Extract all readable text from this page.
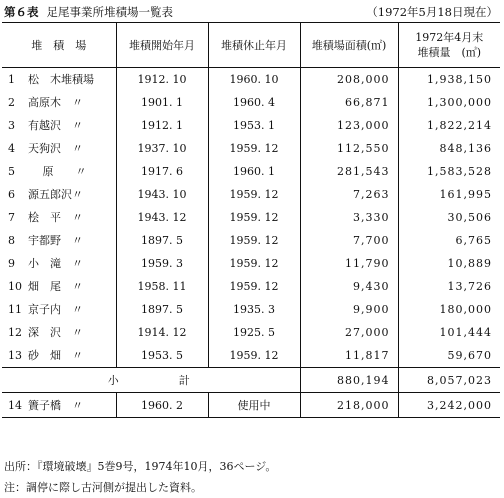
第６表 足尾事業所堆積場一覧表	（1972年5月18日現在）
堆　積　場		堆積開始年月	堆積休止年月	堆積場面積(㎡)	1972年4月末
堆積量　(㎥)

1	松　木堆積場	1912. 10	1960. 10	208,000	1,938,150
2	高原木　〃	1901. 1	1960. 4	66,871	1,300,000
3	有越沢　〃	1912. 1	1953. 1	123,000	1,822,214
4	天狗沢　〃	1937. 10	1959. 12	112,550	848,136
5	　 原　　〃	1917. 6	1960. 1	281,543	1,583,528
6	源五郎沢〃	1943. 10	1959. 12	7,263	161,995
7	桧　平　〃	1943. 12	1959. 12	3,330	30,506
8	宇都野　〃	1897. 5	1959. 12	7,700	6,765
9	小　滝　〃	1959. 3	1959. 12	11,790	10,889
10	畑　尾　〃	1958. 11	1959. 12	9,430	13,726
11	京子内　〃	1897. 5	1935. 3	9,900	180,000
12	深　沢　〃	1914. 12	1925. 5	27,000	101,444
13	砂　畑　〃	1953. 5	1959. 12	11,817	59,670
小計				880,194	8,057,023
14	簀子橋　〃	1960. 2	使用中	218,000	3,242,000
出所：『環境破壊』5巻9号，1974年10月，36ページ。
注：調停に際し古河側が提出した資料。
